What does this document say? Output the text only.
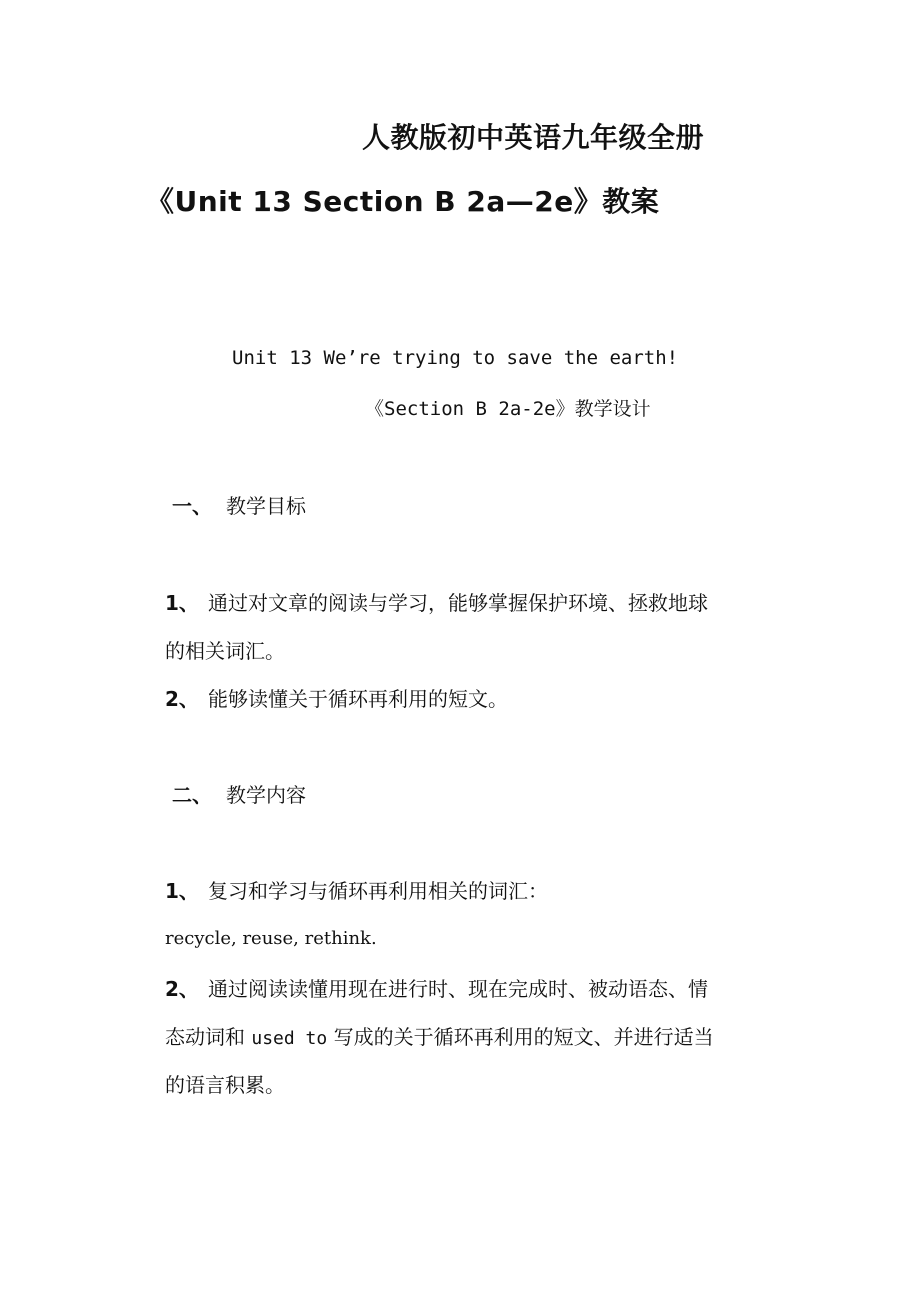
人教版初中英语九年级全册
《Unit 13 Section B 2a—2e》教案
Unit 13 We’re trying to save the earth!
《Section B 2a-2e》教学设计
一、 教学目标
1、 通过对文章的阅读与学习，能够掌握保护环境、拯救地球
的相关词汇。
2、 能够读懂关于循环再利用的短文。
二、 教学内容
1、 复习和学习与循环再利用相关的词汇：
recycle, reuse, rethink.
2、 通过阅读读懂用现在进行时、现在完成时、被动语态、情
态动词和 used to 写成的关于循环再利用的短文、并进行适当
的语言积累。
